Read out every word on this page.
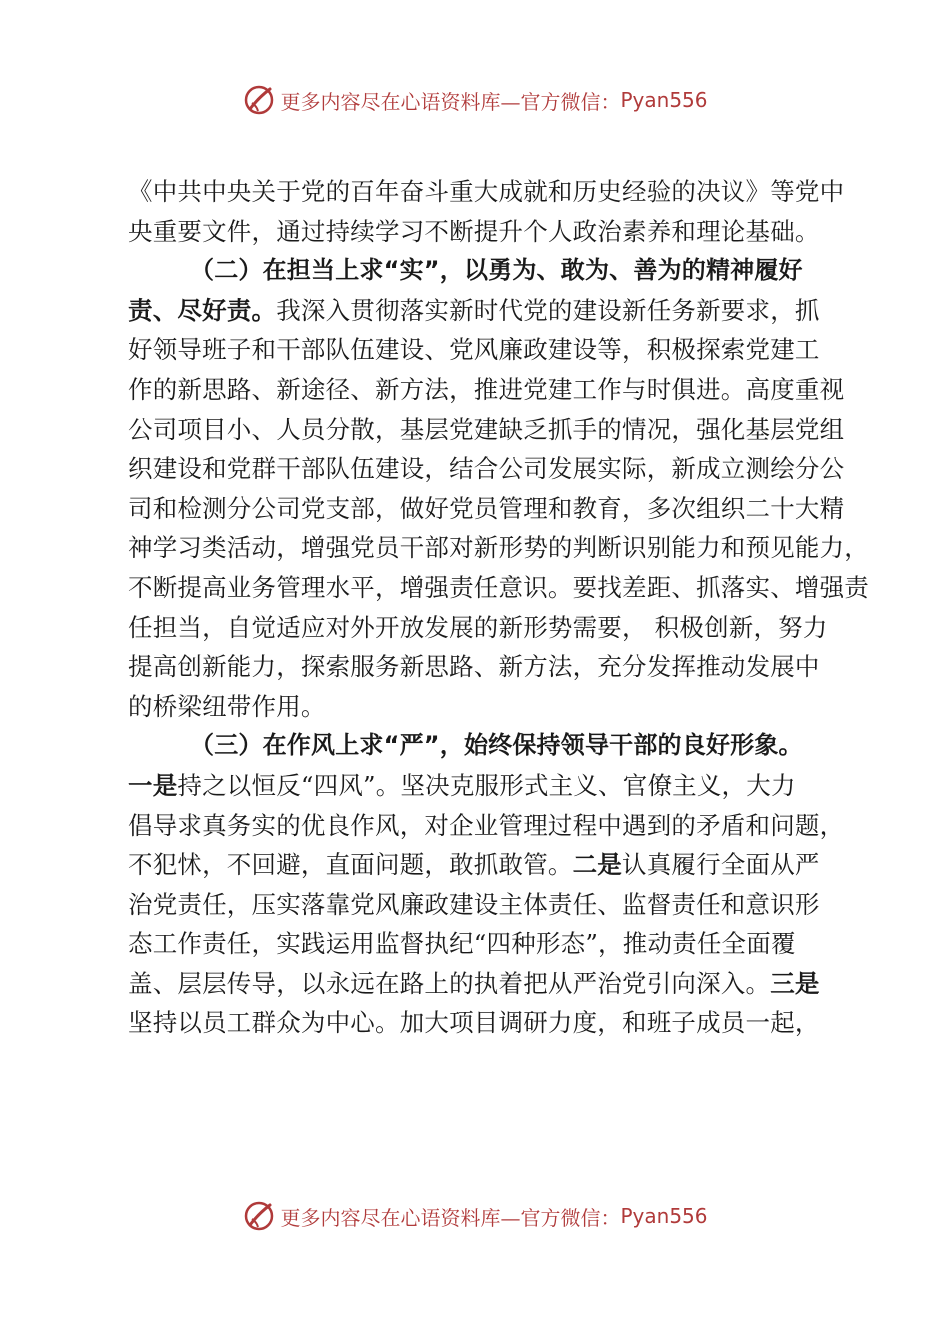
更多内容尽在心语资料库—官方微信： Pyan556
《中共中央关于党的百年奋斗重大成就和历史经验的决议》等党中
央重要文件，通过持续学习不断提升个人政治素养和理论基础。
（二）在担当上求“实”，以勇为、敢为、善为的精神履好
责、尽好责。我深入贯彻落实新时代党的建设新任务新要求，抓
好领导班子和干部队伍建设、党风廉政建设等，积极探索党建工
作的新思路、新途径、新方法，推进党建工作与时俱进。高度重视
公司项目小、人员分散，基层党建缺乏抓手的情况，强化基层党组
织建设和党群干部队伍建设，结合公司发展实际，新成立测绘分公
司和检测分公司党支部，做好党员管理和教育，多次组织二十大精
神学习类活动，增强党员干部对新形势的判断识别能力和预见能力，
不断提高业务管理水平，增强责任意识。要找差距、抓落实、增强责
任担当，自觉适应对外开放发展的新形势需要， 积极创新，努力
提高创新能力，探索服务新思路、新方法，充分发挥推动发展中
的桥梁纽带作用。
（三）在作风上求“严”，始终保持领导干部的良好形象。
一是持之以恒反“四风”。坚决克服形式主义、官僚主义，大力
倡导求真务实的优良作风，对企业管理过程中遇到的矛盾和问题，
不犯怵，不回避，直面问题，敢抓敢管。二是认真履行全面从严
治党责任，压实落靠党风廉政建设主体责任、监督责任和意识形
态工作责任，实践运用监督执纪“四种形态”，推动责任全面覆
盖、层层传导，以永远在路上的执着把从严治党引向深入。三是
坚持以员工群众为中心。加大项目调研力度，和班子成员一起，
更多内容尽在心语资料库—官方微信： Pyan556
